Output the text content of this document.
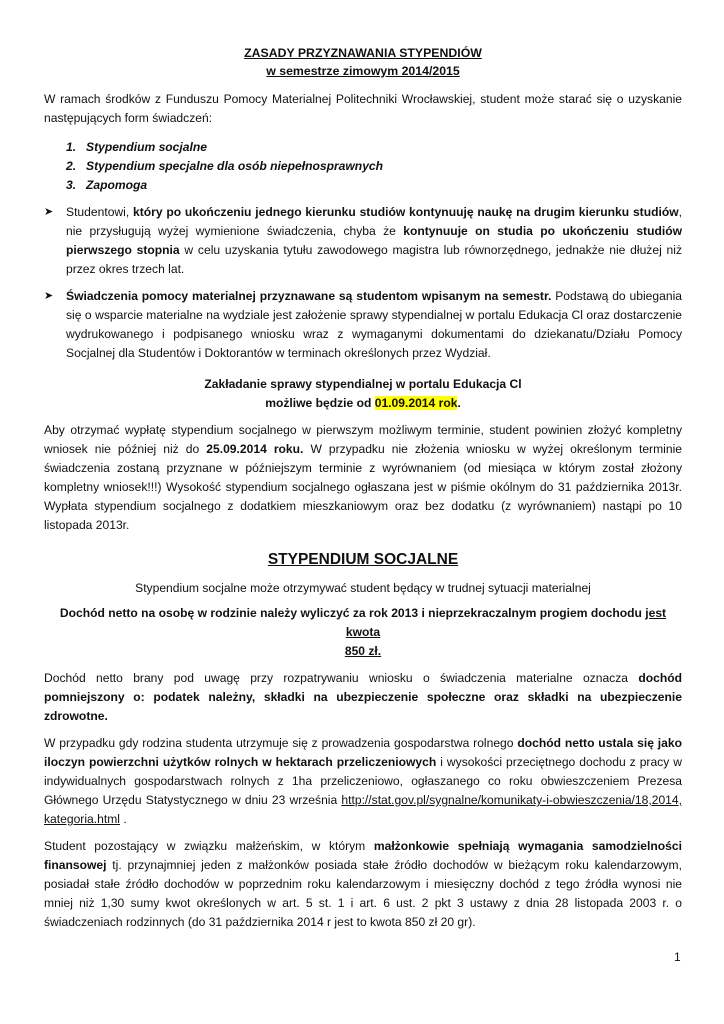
ZASADY PRZYZNAWANIA STYPENDIÓW
w semestrze zimowym 2014/2015

W ramach środków z Funduszu Pomocy Materialnej Politechniki Wrocławskiej, student może starać się o uzyskanie następujących form świadczeń:

1. Stypendium socjalne
2. Stypendium specjalne dla osób niepełnosprawnych
3. Zapomoga
➤	Studentowi, który po ukończeniu jednego kierunku studiów kontynuuję naukę na drugim kierunku studiów, nie przysługują wyżej wymienione świadczenia, chyba że kontynuuje on studia po ukończeniu studiów pierwszego stopnia w celu uzyskania tytułu zawodowego magistra lub równorzędnego, jednakże nie dłużej niż przez okres trzech lat.
➤	Świadczenia pomocy materialnej przyznawane są studentom wpisanym na semestr. Podstawą do ubiegania się o wsparcie materialne na wydziale jest założenie sprawy stypendialnej w portalu Edukacja Cl oraz dostarczenie wydrukowanego i podpisanego wniosku wraz z wymaganymi dokumentami do dziekanatu/Działu Pomocy Socjalnej dla Studentów i Doktorantów w terminach określonych przez Wydział.
Zakładanie sprawy stypendialnej w portalu Edukacja Cl
możliwe będzie od 01.09.2014 rok.

Aby otrzymać wypłatę stypendium socjalnego w pierwszym możliwym terminie, student powinien złożyć kompletny wniosek nie później niż do 25.09.2014 roku. W przypadku nie złożenia wniosku w wyżej określonym terminie świadczenia zostaną przyznane w późniejszym terminie z wyrównaniem (od miesiąca w którym został złożony kompletny wniosek!!!) Wysokość stypendium socjalnego ogłaszana jest w piśmie okólnym do 31 października 2013r. Wypłata stypendium socjalnego z dodatkiem mieszkaniowym oraz bez dodatku (z wyrównaniem) nastąpi po 10 listopada 2013r.

STYPENDIUM SOCJALNE

Stypendium socjalne może otrzymywać student będący w trudnej sytuacji materialnej

Dochód netto na osobę w rodzinie należy wyliczyć za rok 2013 i nieprzekraczalnym progiem dochodu jest kwota
850 zł.

Dochód netto brany pod uwagę przy rozpatrywaniu wniosku o świadczenia materialne oznacza dochód pomniejszony o: podatek należny, składki na ubezpieczenie społeczne oraz składki na ubezpieczenie zdrowotne.

W przypadku gdy rodzina studenta utrzymuje się z prowadzenia gospodarstwa rolnego dochód netto ustala się jako iloczyn powierzchni użytków rolnych w hektarach przeliczeniowych i wysokości przeciętnego dochodu z pracy w indywidualnych gospodarstwach rolnych z 1ha przeliczeniowo, ogłaszanego co roku obwieszczeniem Prezesa Głównego Urzędu Statystycznego w dniu 23 września http://stat.gov.pl/sygnalne/komunikaty-i-obwieszczenia/18,2014,kategoria.html .

Student pozostający w związku małżeńskim, w którym małżonkowie spełniają wymagania samodzielności finansowej tj. przynajmniej jeden z małżonków posiada stałe źródło dochodów w bieżącym roku kalendarzowym, posiadał stałe źródło dochodów w poprzednim roku kalendarzowym i miesięczny dochód z tego źródła wynosi nie mniej niż 1,30 sumy kwot określonych w art. 5 st. 1 i art. 6 ust. 2 pkt 3 ustawy z dnia 28 listopada 2003 r. o świadczeniach rodzinnych (do 31 października 2014 r jest to kwota 850 zł 20 gr).

1
